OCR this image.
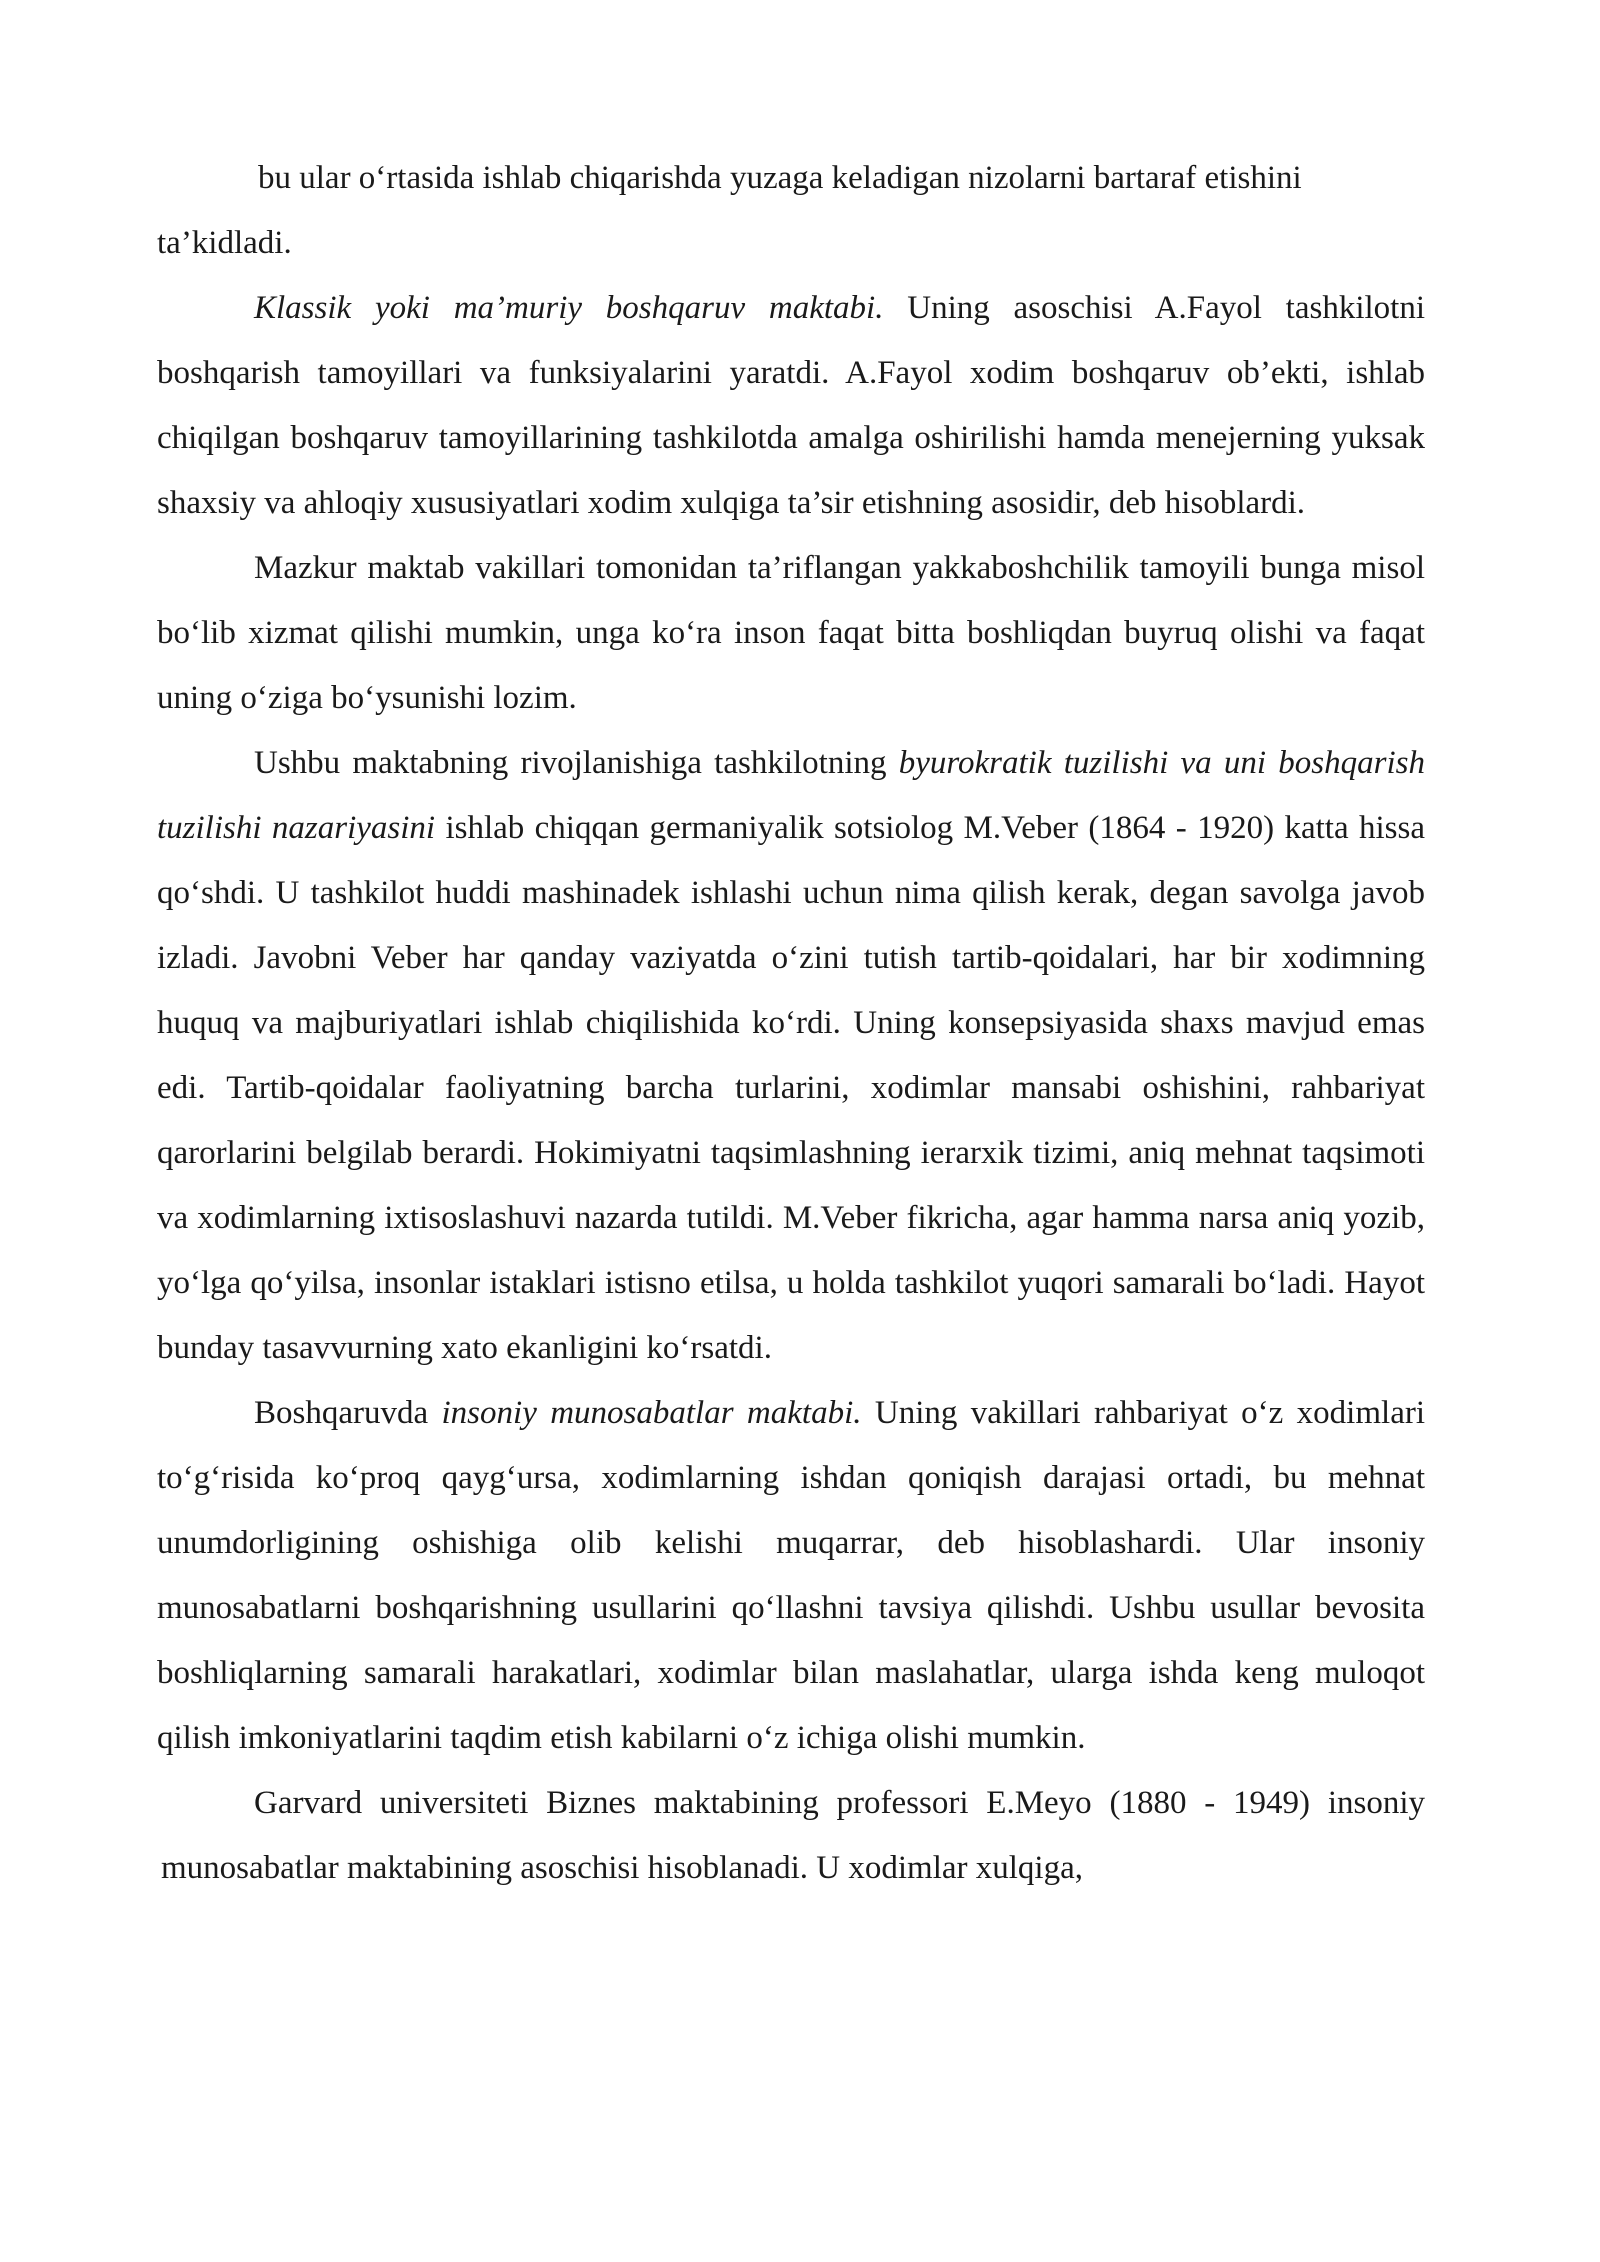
bu ular o‘rtasida ishlab chiqarishda yuzaga keladigan nizolarni bartaraf etishini
ta’kidladi.

Klassik yoki ma’muriy boshqaruv maktabi. Uning asoschisi A.Fayol tashkilotni boshqarish tamoyillari va funksiyalarini yaratdi. A.Fayol xodim boshqaruv ob’ekti, ishlab chiqilgan boshqaruv tamoyillarining tashkilotda amalga oshirilishi hamda menejerning yuksak shaxsiy va ahloqiy xususiyatlari xodim xulqiga ta’sir etishning asosidir, deb hisoblardi.

Mazkur maktab vakillari tomonidan ta’riflangan yakkaboshchilik tamoyili bunga misol bo‘lib xizmat qilishi mumkin, unga ko‘ra inson faqat bitta boshliqdan buyruq olishi va faqat uning o‘ziga bo‘ysunishi lozim.

Ushbu maktabning rivojlanishiga tashkilotning byurokratik tuzilishi va uni boshqarish tuzilishi nazariyasini ishlab chiqqan germaniyalik sotsiolog M.Veber (1864 - 1920) katta hissa qo‘shdi. U tashkilot huddi mashinadek ishlashi uchun nima qilish kerak, degan savolga javob izladi. Javobni Veber har qanday vaziyatda o‘zini tutish tartib-qoidalari, har bir xodimning huquq va majburiyatlari ishlab chiqilishida ko‘rdi. Uning konsepsiyasida shaxs mavjud emas edi. Tartib-qoidalar faoliyatning barcha turlarini, xodimlar mansabi oshishini, rahbariyat qarorlarini belgilab berardi. Hokimiyatni taqsimlashning ierarxik tizimi, aniq mehnat taqsimoti va xodimlarning ixtisoslashuvi nazarda tutildi. M.Veber fikricha, agar hamma narsa aniq yozib, yo‘lga qo‘yilsa, insonlar istaklari istisno etilsa, u holda tashkilot yuqori samarali bo‘ladi. Hayot bunday tasavvurning xato ekanligini ko‘rsatdi.

Boshqaruvda insoniy munosabatlar maktabi. Uning vakillari rahbariyat o‘z xodimlari to‘g‘risida ko‘proq qayg‘ursa, xodimlarning ishdan qoniqish darajasi ortadi, bu mehnat unumdorligining oshishiga olib kelishi muqarrar, deb hisoblashardi. Ular insoniy munosabatlarni boshqarishning usullarini qo‘llashni tavsiya qilishdi. Ushbu usullar bevosita boshliqlarning samarali harakatlari, xodimlar bilan maslahatlar, ularga ishda keng muloqot qilish imkoniyatlarini taqdim etish kabilarni o‘z ichiga olishi mumkin.

Garvard universiteti Biznes maktabining professori E.Meyo (1880 - 1949) insoniy munosabatlar maktabining asoschisi hisoblanadi. U xodimlar xulqiga,
